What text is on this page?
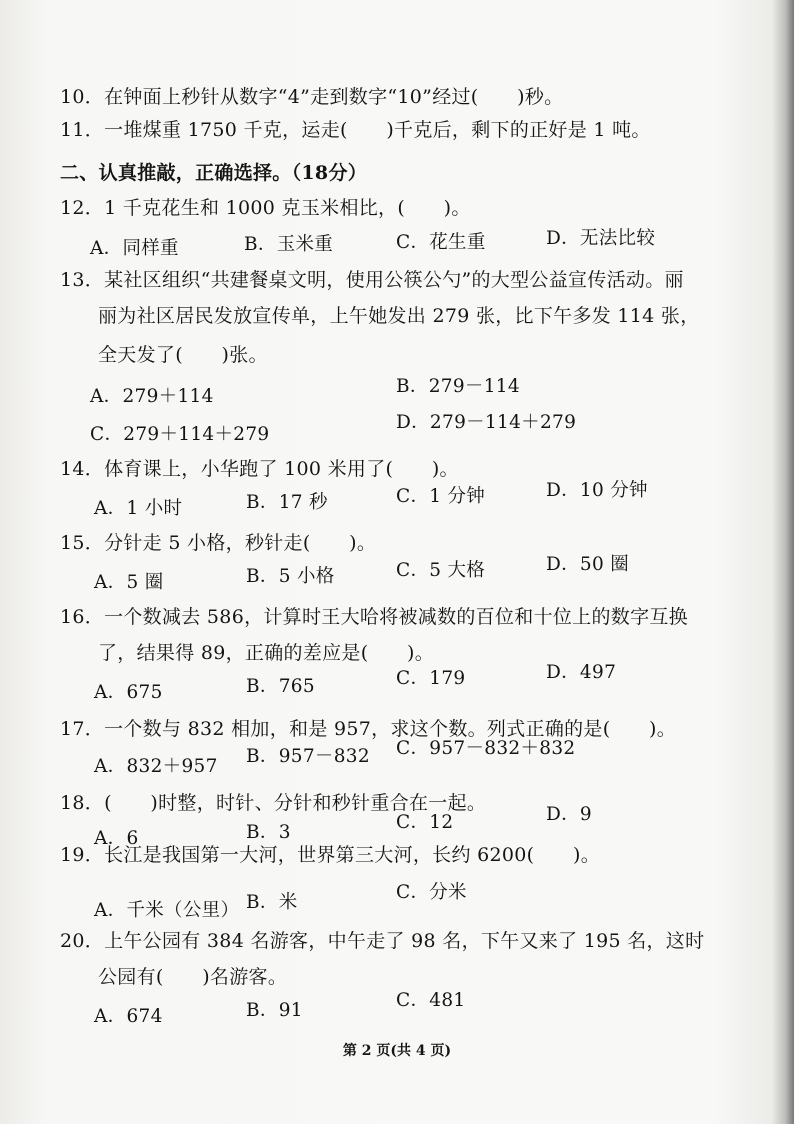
10．在钟面上秒针从数字“4”走到数字“10”经过(　　)秒。
11．一堆煤重 1750 千克，运走(　　)千克后，剩下的正好是 1 吨。
二、认真推敲，正确选择。（18分）
12．1 千克花生和 1000 克玉米相比，(　　)。
A．同样重	B．玉米重	C．花生重	D．无法比较
13．某社区组织“共建餐桌文明，使用公筷公勺”的大型公益宣传活动。丽
丽为社区居民发放宣传单，上午她发出 279 张，比下午多发 114 张，
全天发了(　　)张。
A．279＋114	B．279－114
C．279＋114＋279
D．279－114＋279
14．体育课上，小华跑了 100 米用了(　　)。
A．1 小时	B．17 秒	C．1 分钟	D．10 分钟
15．分针走 5 小格，秒针走(　　)。
A．5 圈	B．5 小格	C．5 大格	D．50 圈
16．一个数减去 586，计算时王大哈将被减数的百位和十位上的数字互换
了，结果得 89，正确的差应是(　　)。
A．675	B．765	C．179	D．497
17．一个数与 832 相加，和是 957，求这个数。列式正确的是(　　)。
A．832＋957 B．957－832 C．957－832＋832
18．(　　)时整，时针、分针和秒针重合在一起。
A．6	B．3	C．12	D．9
19．长江是我国第一大河，世界第三大河，长约 6200(　　)。
A．千米（公里） B．米	C．分米
20．上午公园有 384 名游客，中午走了 98 名，下午又来了 195 名，这时
公园有(　　)名游客。
A．674	B．91	C．481
第 2 页(共 4 页)
